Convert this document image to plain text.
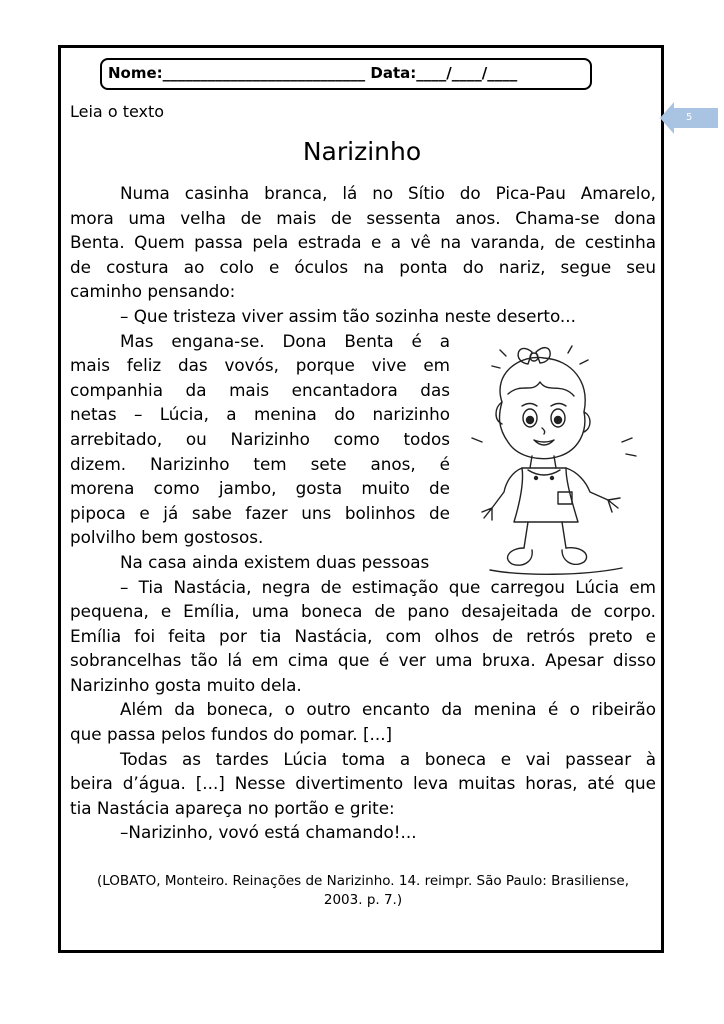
Nome:___________________________ Data:____/____/____
Leia o texto	5
Narizinho

Numa casinha branca, lá no Sítio do Pica-Pau Amarelo,

mora uma velha de mais de sessenta anos. Chama-se dona

Benta. Quem passa pela estrada e a vê na varanda, de cestinha

de costura ao colo e óculos na ponta do nariz, segue seu

caminho pensando:

– Que tristeza viver assim tão sozinha neste deserto...

Mas engana-se. Dona Benta é a

mais feliz das vovós, porque vive em

companhia da mais encantadora das

netas – Lúcia, a menina do narizinho

arrebitado, ou Narizinho como todos

dizem. Narizinho tem sete anos, é

morena como jambo, gosta muito de

pipoca e já sabe fazer uns bolinhos de

polvilho bem gostosos.

Na casa ainda existem duas pessoas

– Tia Nastácia, negra de estimação que carregou Lúcia em

pequena, e Emília, uma boneca de pano desajeitada de corpo.

Emília foi feita por tia Nastácia, com olhos de retrós preto e

sobrancelhas tão lá em cima que é ver uma bruxa. Apesar disso

Narizinho gosta muito dela.

Além da boneca, o outro encanto da menina é o ribeirão

que passa pelos fundos do pomar. [...]

Todas as tardes Lúcia toma a boneca e vai passear à

beira d’água. [...] Nesse divertimento leva muitas horas, até que

tia Nastácia apareça no portão e grite:

–Narizinho, vovó está chamando!...

(LOBATO, Monteiro. Reinações de Narizinho. 14. reimpr. São Paulo: Brasiliense,
2003. p. 7.)
